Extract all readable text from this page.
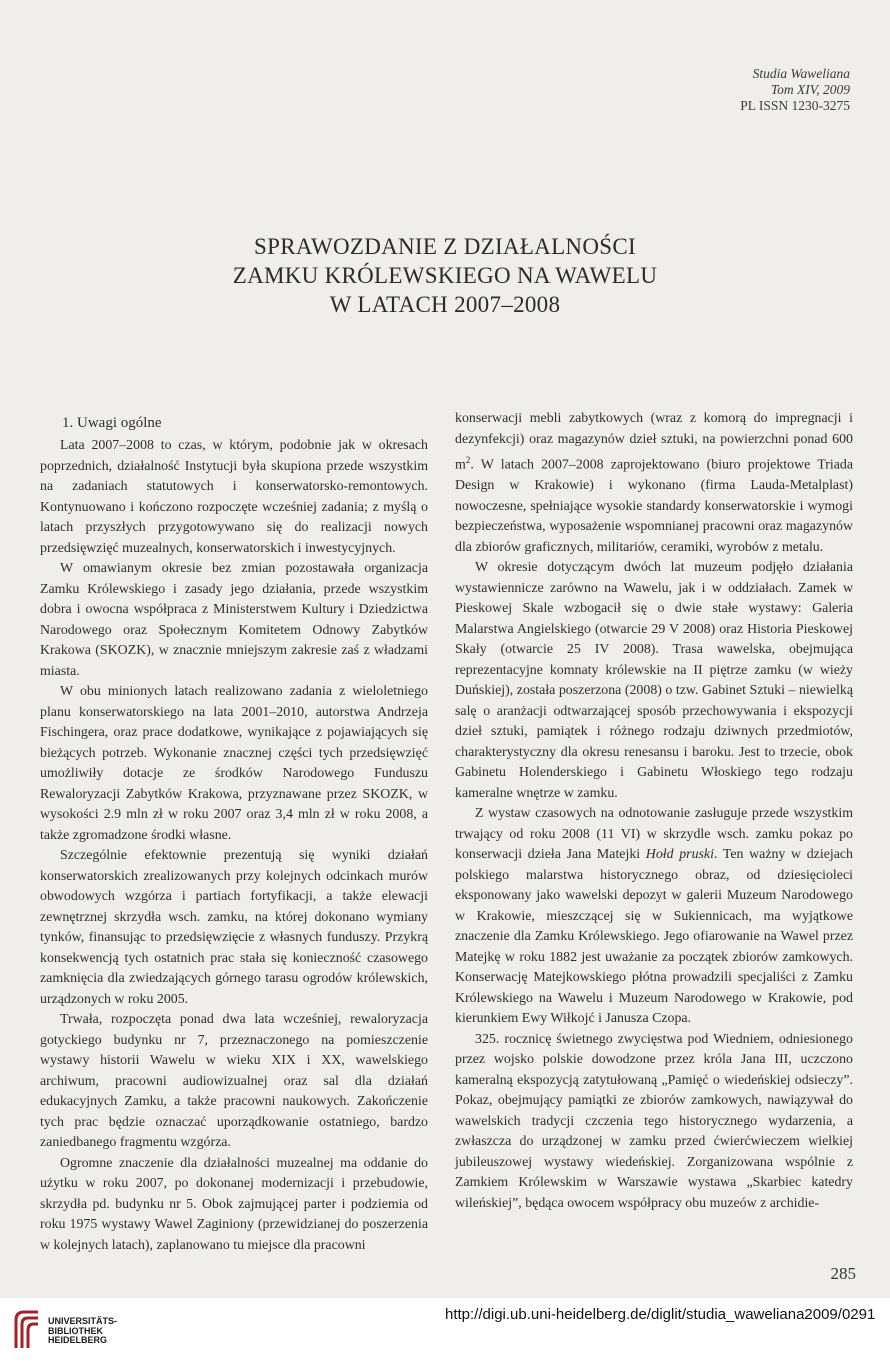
Studia Waweliana
Tom XIV, 2009
PL ISSN 1230-3275
SPRAWOZDANIE Z DZIAŁALNOŚCI
ZAMKU KRÓLEWSKIEGO NA WAWELU
W LATACH 2007–2008
1. Uwagi ogólne

Lata 2007–2008 to czas, w którym, podobnie jak w okresach poprzednich, działalność Instytucji była skupiona przede wszystkim na zadaniach statutowych i konserwatorsko-remontowych. Kontynuowano i kończono rozpoczęte wcześniej zadania; z myślą o latach przyszłych przygotowywano się do realizacji nowych przedsięwzięć muzealnych, konserwatorskich i inwestycyjnych.

W omawianym okresie bez zmian pozostawała organizacja Zamku Królewskiego i zasady jego działania, przede wszystkim dobra i owocna współpraca z Ministerstwem Kultury i Dziedzictwa Narodowego oraz Społecznym Komitetem Odnowy Zabytków Krakowa (SKOZK), w znacznie mniejszym zakresie zaś z władzami miasta.

W obu minionych latach realizowano zadania z wieloletniego planu konserwatorskiego na lata 2001–2010, autorstwa Andrzeja Fischingera, oraz prace dodatkowe, wynikające z pojawiających się bieżących potrzeb. Wykonanie znacznej części tych przedsięwzięć umożliwiły dotacje ze środków Narodowego Funduszu Rewaloryzacji Zabytków Krakowa, przyznawane przez SKOZK, w wysokości 2.9 mln zł w roku 2007 oraz 3,4 mln zł w roku 2008, a także zgromadzone środki własne.

Szczególnie efektownie prezentują się wyniki działań konserwatorskich zrealizowanych przy kolejnych odcinkach murów obwodowych wzgórza i partiach fortyfikacji, a także elewacji zewnętrznej skrzydła wsch. zamku, na której dokonano wymiany tynków, finansując to przedsięwzięcie z własnych funduszy. Przykrą konsekwencją tych ostatnich prac stała się konieczność czasowego zamknięcia dla zwiedzających górnego tarasu ogrodów królewskich, urządzonych w roku 2005.

Trwała, rozpoczęta ponad dwa lata wcześniej, rewaloryzacja gotyckiego budynku nr 7, przeznaczonego na pomieszczenie wystawy historii Wawelu w wieku XIX i XX, wawelskiego archiwum, pracowni audiowizualnej oraz sal dla działań edukacyjnych Zamku, a także pracowni naukowych. Zakończenie tych prac będzie oznaczać uporządkowanie ostatniego, bardzo zaniedbanego fragmentu wzgórza.

Ogromne znaczenie dla działalności muzealnej ma oddanie do użytku w roku 2007, po dokonanej modernizacji i przebudowie, skrzydła pd. budynku nr 5. Obok zajmującej parter i podziemia od roku 1975 wystawy Wawel Zaginiony (przewidzianej do poszerzenia w kolejnych latach), zaplanowano tu miejsce dla pracowni

konserwacji mebli zabytkowych (wraz z komorą do impregnacji i dezynfekcji) oraz magazynów dzieł sztuki, na powierzchni ponad 600 $m^2$. W latach 2007–2008 zaprojektowano (biuro projektowe Triada Design w Krakowie) i wykonano (firma Lauda-Metalplast) nowoczesne, spełniające wysokie standardy konserwatorskie i wymogi bezpieczeństwa, wyposażenie wspomnianej pracowni oraz magazynów dla zbiorów graficznych, militariów, ceramiki, wyrobów z metalu.

W okresie dotyczącym dwóch lat muzeum podjęło działania wystawiennicze zarówno na Wawelu, jak i w oddziałach. Zamek w Pieskowej Skale wzbogacił się o dwie stałe wystawy: Galeria Malarstwa Angielskiego (otwarcie 29 V 2008) oraz Historia Pieskowej Skały (otwarcie 25 IV 2008). Trasa wawelska, obejmująca reprezentacyjne komnaty królewskie na II piętrze zamku (w wieży Duńskiej), została poszerzona (2008) o tzw. Gabinet Sztuki – niewielką salę o aranżacji odtwarzającej sposób przechowywania i ekspozycji dzieł sztuki, pamiątek i różnego rodzaju dziwnych przedmiotów, charakterystyczny dla okresu renesansu i baroku. Jest to trzecie, obok Gabinetu Holenderskiego i Gabinetu Włoskiego tego rodzaju kameralne wnętrze w zamku.

Z wystaw czasowych na odnotowanie zasługuje przede wszystkim trwający od roku 2008 (11 VI) w skrzydle wsch. zamku pokaz po konserwacji dzieła Jana Matejki Hołd pruski. Ten ważny w dziejach polskiego malarstwa historycznego obraz, od dziesięcioleci eksponowany jako wawelski depozyt w galerii Muzeum Narodowego w Krakowie, mieszczącej się w Sukiennicach, ma wyjątkowe znaczenie dla Zamku Królewskiego. Jego ofiarowanie na Wawel przez Matejkę w roku 1882 jest uważanie za początek zbiorów zamkowych. Konserwację Matejkowskiego płótna prowadzili specjaliści z Zamku Królewskiego na Wawelu i Muzeum Narodowego w Krakowie, pod kierunkiem Ewy Wiłkojć i Janusza Czopa.

325. rocznicę świetnego zwycięstwa pod Wiedniem, odniesionego przez wojsko polskie dowodzone przez króla Jana III, uczczono kameralną ekspozycją zatytułowaną „Pamięć o wiedeńskiej odsieczy”. Pokaz, obejmujący pamiątki ze zbiorów zamkowych, nawiązywał do wawelskich tradycji czczenia tego historycznego wydarzenia, a zwłaszcza do urządzonej w zamku przed ćwierćwieczem wielkiej jubileuszowej wystawy wiedeńskiej. Zorganizowana wspólnie z Zamkiem Królewskim w Warszawie wystawa „Skarbiec katedry wileńskiej”, będąca owocem współpracy obu muzeów z archidie-

285
UNIVERSITÄTS-
BIBLIOTHEK
HEIDELBERG
http://digi.ub.uni-heidelberg.de/diglit/studia_waweliana2009/0291
